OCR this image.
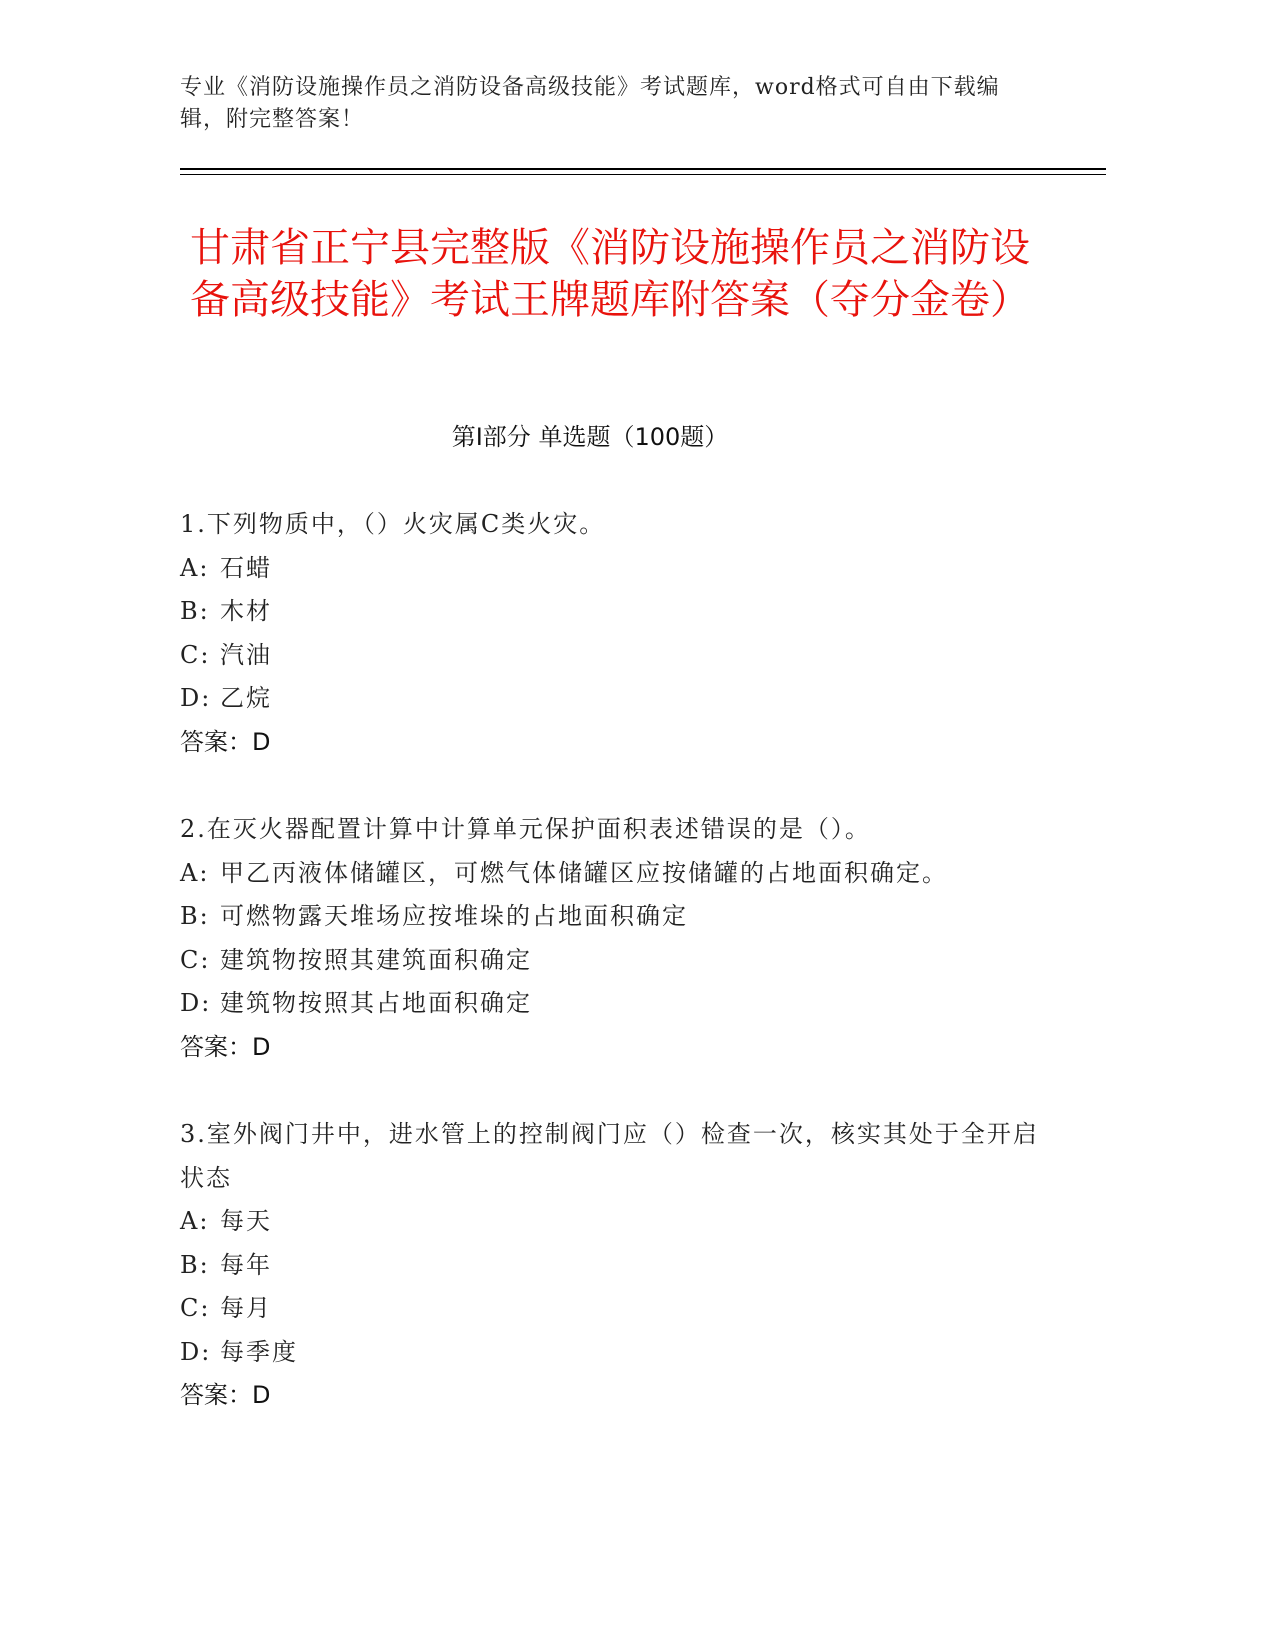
专业《消防设施操作员之消防设备高级技能》考试题库，word格式可自由下载编辑，附完整答案！
甘肃省正宁县完整版《消防设施操作员之消防设备高级技能》考试王牌题库附答案（夺分金卷）
第I部分 单选题（100题）
1.下列物质中，（）火灾属C类火灾。
A: 石蜡
B: 木材
C: 汽油
D: 乙烷
答案：D
2.在灭火器配置计算中计算单元保护面积表述错误的是（）。
A: 甲乙丙液体储罐区，可燃气体储罐区应按储罐的占地面积确定。
B: 可燃物露天堆场应按堆垛的占地面积确定
C: 建筑物按照其建筑面积确定
D: 建筑物按照其占地面积确定
答案：D
3.室外阀门井中，进水管上的控制阀门应（）检查一次，核实其处于全开启状态
A: 每天
B: 每年
C: 每月
D: 每季度
答案：D
